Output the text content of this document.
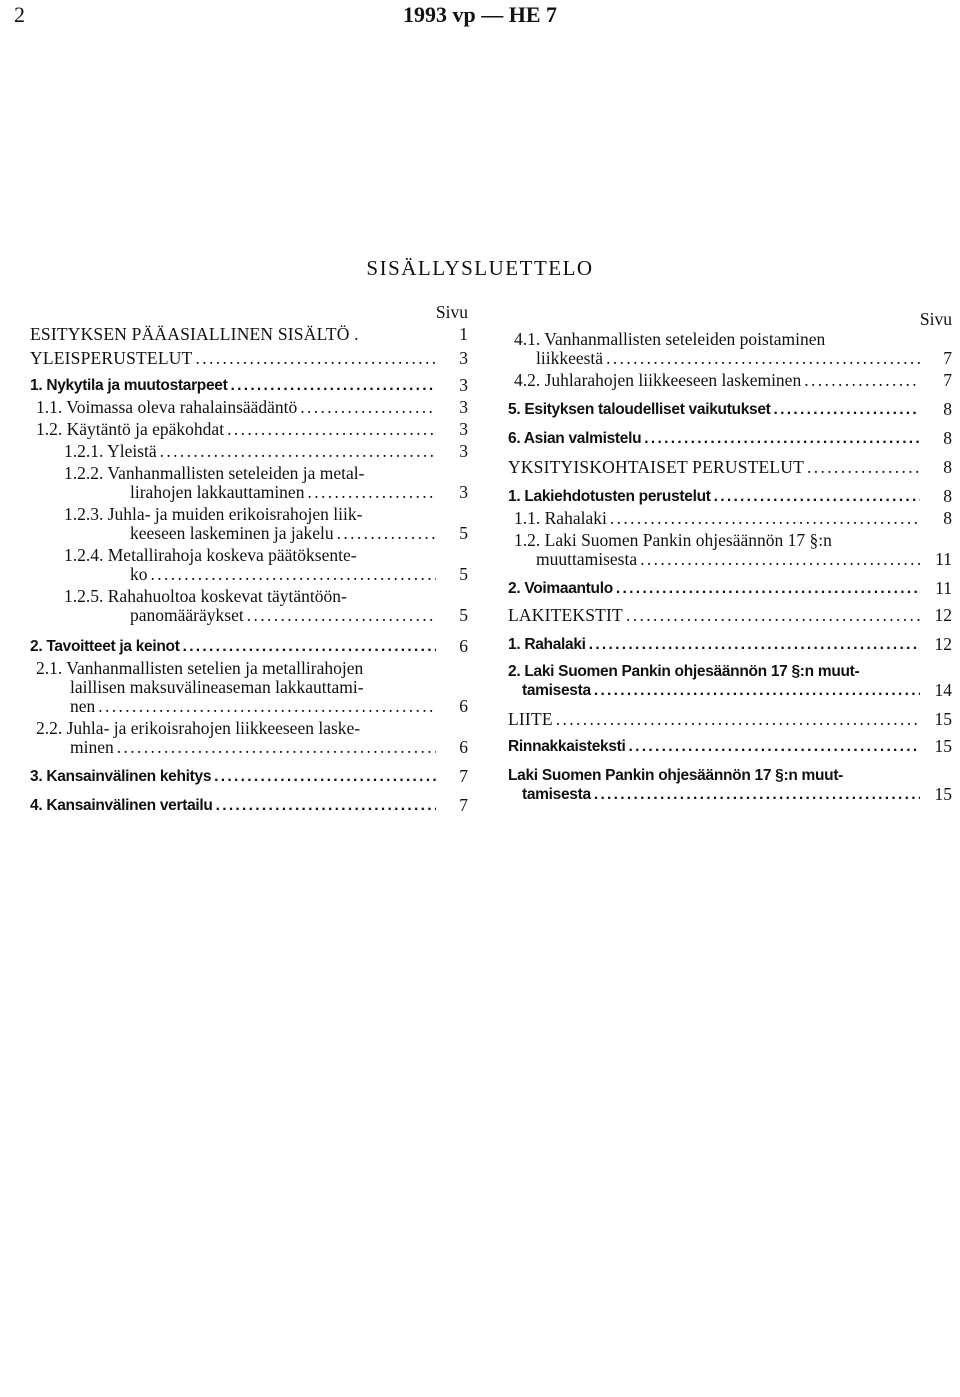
2	1993 vp — HE 7
SISÄLLYSLUETTELO
Sivu
ESITYKSEN PÄÄASIALLINEN SISÄLTÖ .	1
YLEISPERUSTELUT . . .	3
1. Nykytila ja muutostarpeet . . .	3
1.1. Voimassa oleva rahalainsäädäntö . . .	3
1.2. Käytäntö ja epäkohdat . . .	3
1.2.1. Yleistä . . .	3
1.2.2. Vanhanmallisten seteleiden ja metal-
lirahojen lakkauttaminen . . .	3
1.2.3. Juhla- ja muiden erikoisrahojen liik-
keeseen laskeminen ja jakelu . . .	5
1.2.4. Metallirahoja koskeva päätöksente-
ko . . .	5
1.2.5. Rahahuoltoa koskevat täytäntöön-
panomääräykset . . .	5
2. Tavoitteet ja keinot . . .	6
2.1. Vanhanmallisten setelien ja metallirahojen
laillisen maksuvälineaseman lakkauttami-
nen . . .	6
2.2. Juhla- ja erikoisrahojen liikkeeseen laske-
minen . . .	6
3. Kansainvälinen kehitys . . .	7
4. Kansainvälinen vertailu . . .	7
Sivu
4.1. Vanhanmallisten seteleiden poistaminen
liikkeestä . . .	7
4.2. Juhlarahojen liikkeeseen laskeminen . . .	7
5. Esityksen taloudelliset vaikutukset . . .	8
6. Asian valmistelu . . .	8
YKSITYISKOHTAISET PERUSTELUT . . .	8
1. Lakiehdotusten perustelut . . .	8
1.1. Rahalaki . . .	8
1.2. Laki Suomen Pankin ohjesäännön 17 §:n
muuttamisesta . . .	11
2. Voimaantulo . . .	11
LAKITEKSTIT . . .	12
1. Rahalaki . . .	12
2. Laki Suomen Pankin ohjesäännön 17 §:n muut-
tamisesta . . .	14
LIITE . . .	15
Rinnakkaisteksti . . .	15
Laki Suomen Pankin ohjesäännön 17 §:n muut-
tamisesta . . .	15
